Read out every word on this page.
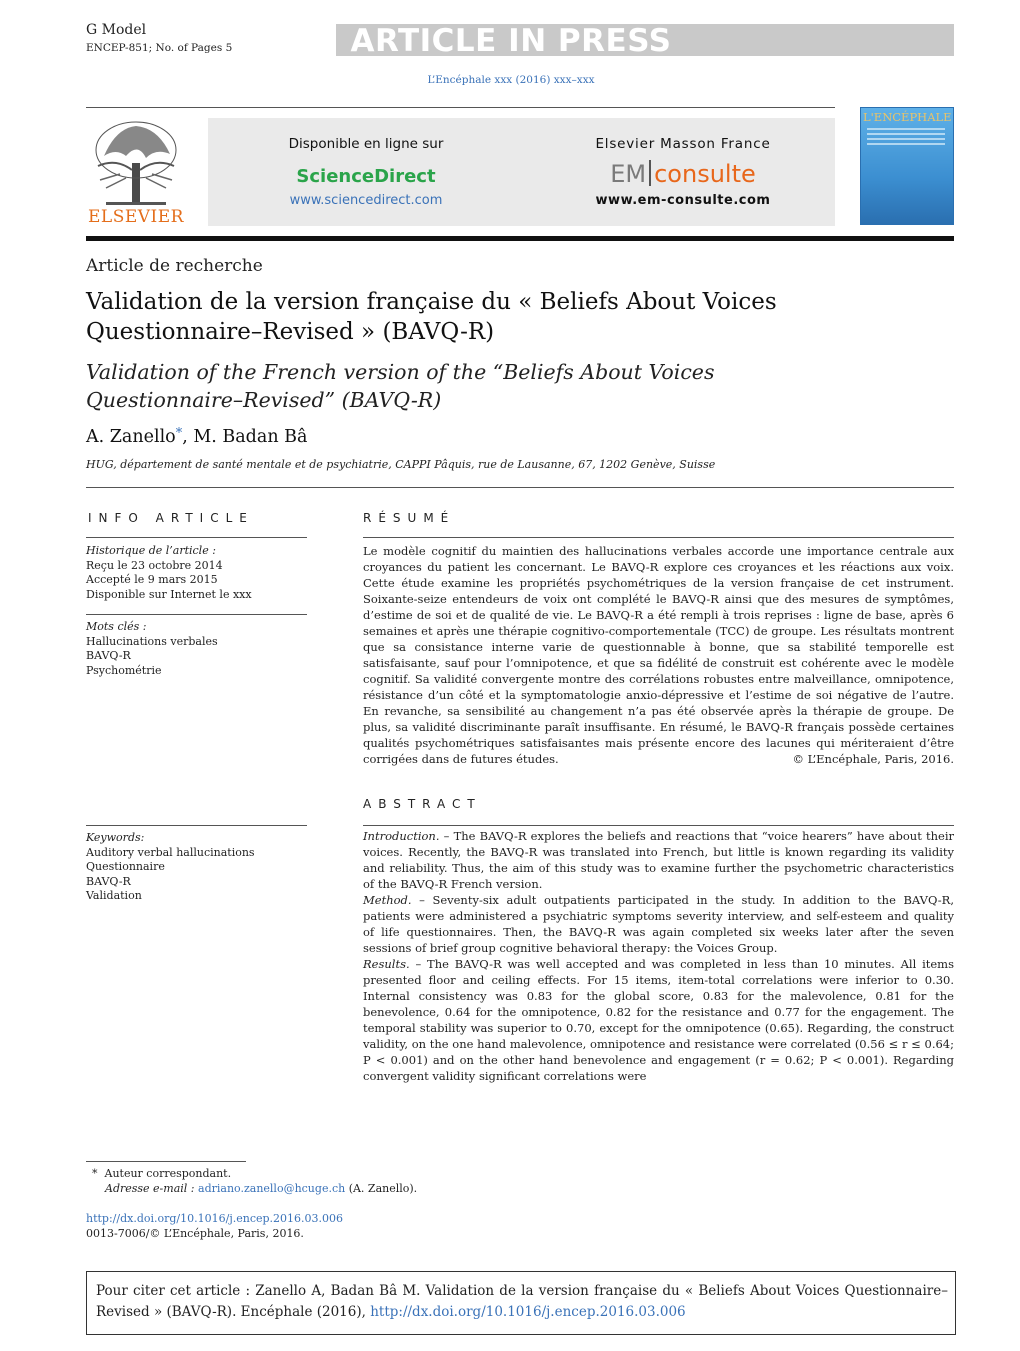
G Model
ENCEP-851; No. of Pages 5	ARTICLE IN PRESS
L’Encéphale xxx (2016) xxx–xxx
ELSEVIER
Disponible en ligne sur
ScienceDirect
www.sciencedirect.com
Elsevier Masson France
EM consulte
www.em-consulte.com
L'ENCÉPHALE
Article de recherche
Validation de la version française du « Beliefs About Voices Questionnaire–Revised » (BAVQ-R)
Validation of the French version of the “Beliefs About Voices Questionnaire–Revised” (BAVQ-R)
A. Zanello*, M. Badan Bâ
HUG, département de santé mentale et de psychiatrie, CAPPI Pâquis, rue de Lausanne, 67, 1202 Genève, Suisse
INFO ARTICLE
Historique de l’article :
Reçu le 23 octobre 2014
Accepté le 9 mars 2015
Disponible sur Internet le xxx
Mots clés :
Hallucinations verbales
BAVQ-R
Psychométrie
Keywords:
Auditory verbal hallucinations
Questionnaire
BAVQ-R
Validation
RÉSUMÉ
Le modèle cognitif du maintien des hallucinations verbales accorde une importance centrale aux croyances du patient les concernant. Le BAVQ-R explore ces croyances et les réactions aux voix. Cette étude examine les propriétés psychométriques de la version française de cet instrument. Soixante-seize entendeurs de voix ont complété le BAVQ-R ainsi que des mesures de symptômes, d’estime de soi et de qualité de vie. Le BAVQ-R a été rempli à trois reprises : ligne de base, après 6 semaines et après une thérapie cognitivo-comportementale (TCC) de groupe. Les résultats montrent que sa consistance interne varie de questionnable à bonne, que sa stabilité temporelle est satisfaisante, sauf pour l’omnipotence, et que sa fidélité de construit est cohérente avec le modèle cognitif. Sa validité convergente montre des corrélations robustes entre malveillance, omnipotence, résistance d’un côté et la symptomatologie anxio-dépressive et l’estime de soi négative de l’autre. En revanche, sa sensibilité au changement n’a pas été observée après la thérapie de groupe. De plus, sa validité discriminante paraît insuffisante. En résumé, le BAVQ-R français possède certaines qualités psychométriques satisfaisantes mais présente encore des lacunes qui mériteraient d’être corrigées dans de futures études.	© L’Encéphale, Paris, 2016.
ABSTRACT

Introduction. – The BAVQ-R explores the beliefs and reactions that “voice hearers” have about their voices. Recently, the BAVQ-R was translated into French, but little is known regarding its validity and reliability. Thus, the aim of this study was to examine further the psychometric characteristics of the BAVQ-R French version.

Method. – Seventy-six adult outpatients participated in the study. In addition to the BAVQ-R, patients were administered a psychiatric symptoms severity interview, and self-esteem and quality of life questionnaires. Then, the BAVQ-R was again completed six weeks later after the seven sessions of brief group cognitive behavioral therapy: the Voices Group.

Results. – The BAVQ-R was well accepted and was completed in less than 10 minutes. All items presented floor and ceiling effects. For 15 items, item-total correlations were inferior to 0.30. Internal consistency was 0.83 for the global score, 0.83 for the malevolence, 0.81 for the benevolence, 0.64 for the omnipotence, 0.82 for the resistance and 0.77 for the engagement. The temporal stability was superior to 0.70, except for the omnipotence (0.65). Regarding, the construct validity, on the one hand malevolence, omnipotence and resistance were correlated (0.56 ≤ r ≤ 0.64; P < 0.001) and on the other hand benevolence and engagement (r = 0.62; P < 0.001). Regarding convergent validity significant correlations were

* Auteur correspondant.
Adresse e-mail : adriano.zanello@hcuge.ch (A. Zanello).
http://dx.doi.org/10.1016/j.encep.2016.03.006
0013-7006/© L’Encéphale, Paris, 2016.
Pour citer cet article : Zanello A, Badan Bâ M. Validation de la version française du « Beliefs About Voices Questionnaire–Revised » (BAVQ-R). Encéphale (2016), http://dx.doi.org/10.1016/j.encep.2016.03.006
